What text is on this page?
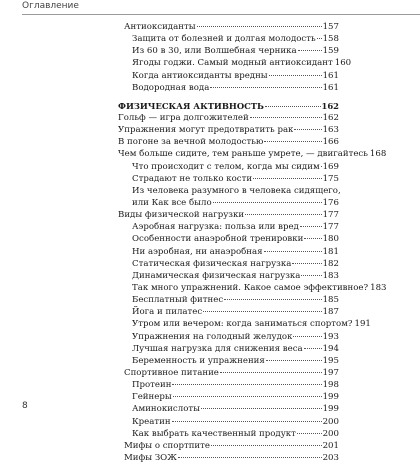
Оглавление
Антиоксиданты	157
Защита от болезней и долгая молодость 158
Из 60 в 30, или Волшебная черника	159
Ягоды годжи. Самый модный антиоксидант 160
Когда антиоксиданты вредны	161
Водородная вода	161
ФИЗИЧЕСКАЯ АКТИВНОСТЬ	162
Гольф — игра долгожителей	162
Упражнения могут предотвратить рак	163
В погоне за вечной молодостью	166
Чем больше сидите, тем раньше умрете, — двигайтесь 168
Что происходит с телом, когда мы сидим 169
Страдают не только кости	175
Из человека разумного в человека сидящего,
или Как все было	176
Виды физической нагрузки	177
Аэробная нагрузка: польза или вред	177
Особенности анаэробной тренировки 180
Ни аэробная, ни анаэробная	181
Статическая физическая нагрузка	182
Динамическая физическая нагрузка	183
Так много упражнений. Какое самое эффективное? 183
Бесплатный фитнес	185
Йога и пилатес	187
Утром или вечером: когда заниматься спортом? 191
Упражнения на голодный желудок	193
Лучшая нагрузка для снижения веса 194
Беременность и упражнения	195
Спортивное питание	197
Протеин	198
Гейнеры	199
Аминокислоты	199
Креатин	200
Как выбрать качественный продукт	200
Мифы о спортпите	201
Мифы ЗОЖ	203
8
